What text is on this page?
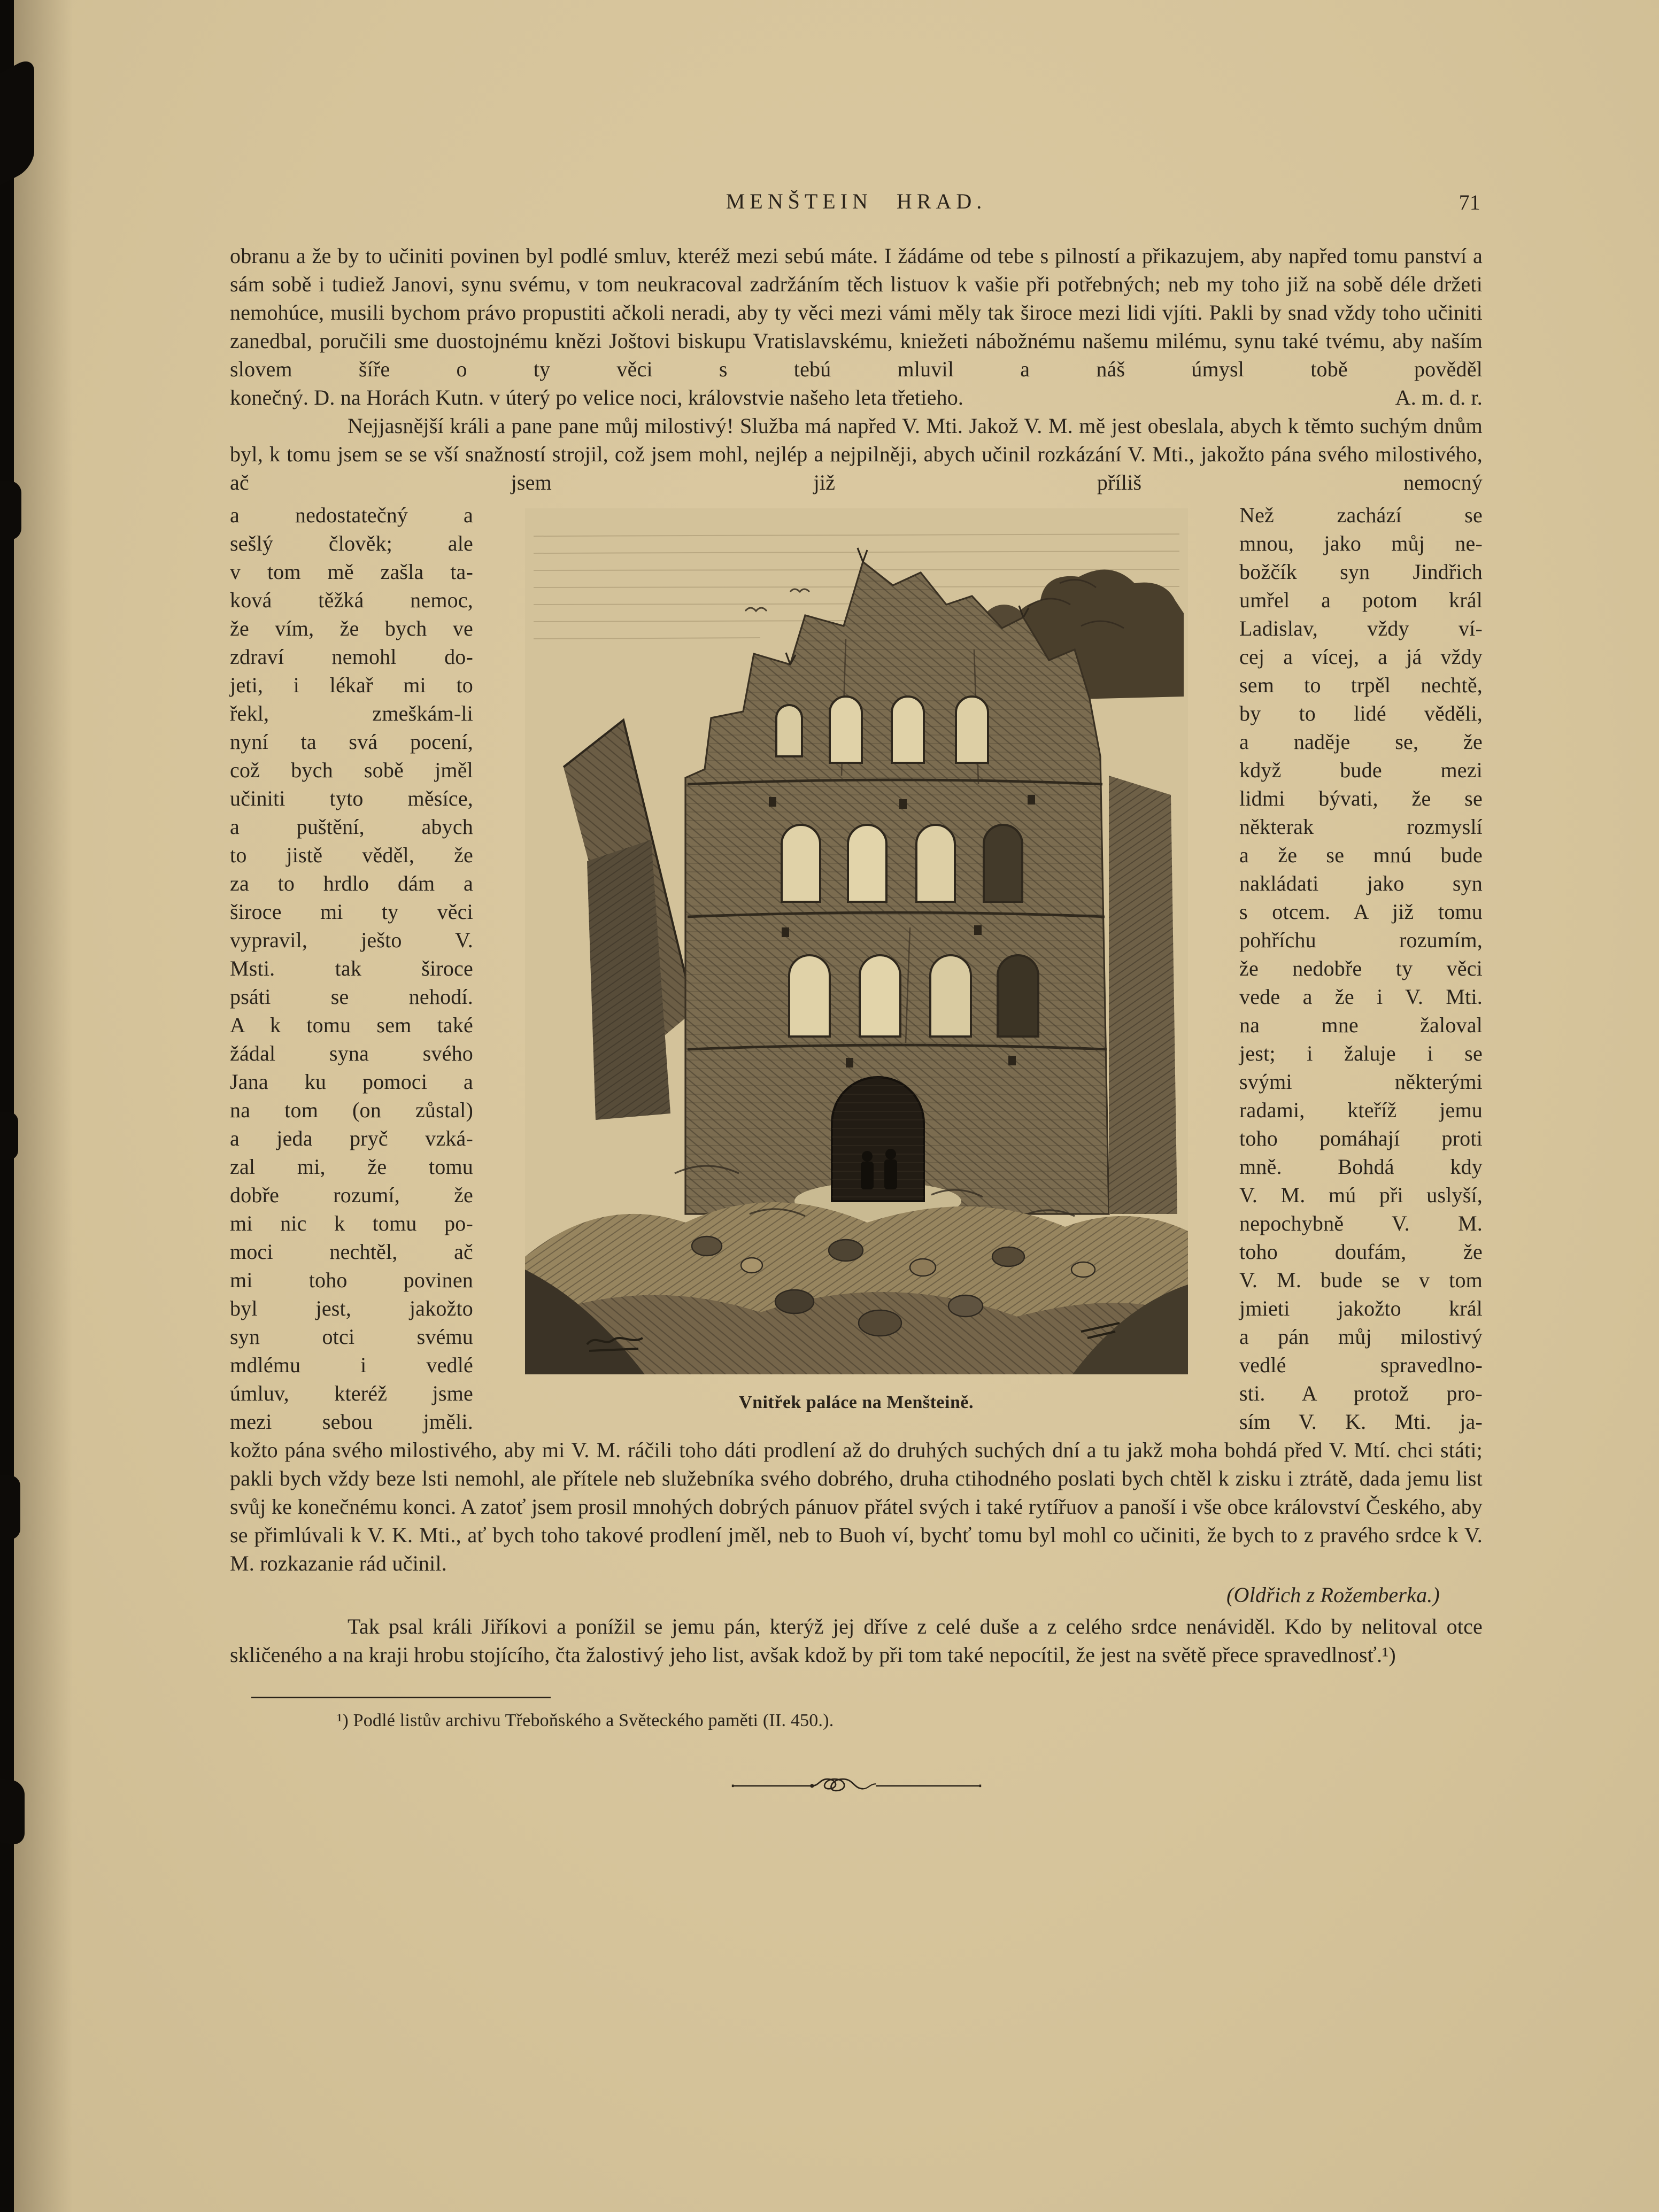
MENŠTEIN HRAD.	71

obranu a že by to učiniti povinen byl podlé smluv, kteréž mezi sebú máte. I žádáme od tebe s pilností a přikazujem, aby napřed tomu panství a sám sobě i tudiež Janovi, synu svému, v tom neukracoval zadržáním těch listuov k vašie při potřebných; neb my toho již na sobě déle držeti nemohúce, musili bychom právo propustiti ačkoli neradi, aby ty věci mezi vámi měly tak široce mezi lidi vjíti. Pakli by snad vždy toho učiniti zanedbal, poručili sme duostojnému knězi Joštovi biskupu Vratislavskému, kniežeti nábožnému našemu milému, synu také tvému, aby naším slovem šíře o ty věci s tebú mluvil a náš úmysl tobě pověděl

konečný. D. na Horách Kutn. v úterý po velice noci, královstvie našeho leta třetieho.	A. m. d. r.

Nejjasnější králi a pane pane můj milostivý! Služba má napřed V. Mti. Jakož V. M. mě jest obeslala, abych k těmto suchým dnům byl, k tomu jsem se se vší snažností strojil, což jsem mohl, nejlép a nejpilněji, abych učinil rozkázání V. Mti., jakožto pána svého milostivého, ač jsem již příliš nemocný

a nedostatečný a
sešlý člověk; ale
v tom mě zašla ta-
ková těžká nemoc,
že vím, že bych ve
zdraví nemohl do-
jeti, i lékař mi to
řekl, zmeškám-li
nyní ta svá pocení,
což bych sobě jměl
učiniti tyto měsíce,
a puštění, abych
to jistě věděl, že
za to hrdlo dám a
široce mi ty věci
vypravil, ješto V.
Msti. tak široce
psáti se nehodí.
A k tomu sem také
žádal syna svého
Jana ku pomoci a
na tom (on zůstal)
a jeda pryč vzká-
zal mi, že tomu
dobře rozumí, že
mi nic k tomu po-
moci nechtěl, ač
mi toho povinen
byl jest, jakožto
syn otci svému
mdlému i vedlé
úmluv, kteréž jsme
mezi sebou jměli.
Vnitřek paláce na Menšteině.
Než zachází se
mnou, jako můj ne-
božčík syn Jindřich
umřel a potom král
Ladislav, vždy ví-
cej a vícej, a já vždy
sem to trpěl nechtě,
by to lidé věděli,
a naděje se, že
když bude mezi
lidmi bývati, že se
některak rozmyslí
a že se mnú bude
nakládati jako syn
s otcem. A již tomu
pohříchu rozumím,
že nedobře ty věci
vede a že i V. Mti.
na mne žaloval
jest; i žaluje i se
svými některými
radami, kteříž jemu
toho pomáhají proti
mně. Bohdá kdy
V. M. mú při uslyší,
nepochybně V. M.
toho doufám, že
V. M. bude se v tom
jmieti jakožto král
a pán můj milostivý
vedlé spravedlno-
sti. A protož pro-
sím V. K. Mti. ja-

kožto pána svého milostivého, aby mi V. M. ráčili toho dáti prodlení až do druhých suchých dní a tu jakž moha bohdá před V. Mtí. chci státi; pakli bych vždy beze lsti nemohl, ale přítele neb služebníka svého dobrého, druha ctihodného poslati bych chtěl k zisku i ztrátě, dada jemu list svůj ke konečnému konci. A zatoť jsem prosil mnohých dobrých pánuov přátel svých i také rytířuov a panoší i vše obce království Českého, aby se přimlúvali k V. K. Mti., ať bych toho takové prodlení jměl, neb to Buoh ví, bychť tomu byl mohl co učiniti, že bych to z pravého srdce k V. M. rozkazanie rád učinil.

(Oldřich z Rožemberka.)

Tak psal králi Jiříkovi a ponížil se jemu pán, kterýž jej dříve z celé duše a z celého srdce nenáviděl. Kdo by nelitoval otce skličeného a na kraji hrobu stojícího, čta žalostivý jeho list, avšak kdož by při tom také nepocítil, že jest na světě přece spravedlnosť.¹)

¹) Podlé listův archivu Třeboňského a Světeckého paměti (II. 450.).
